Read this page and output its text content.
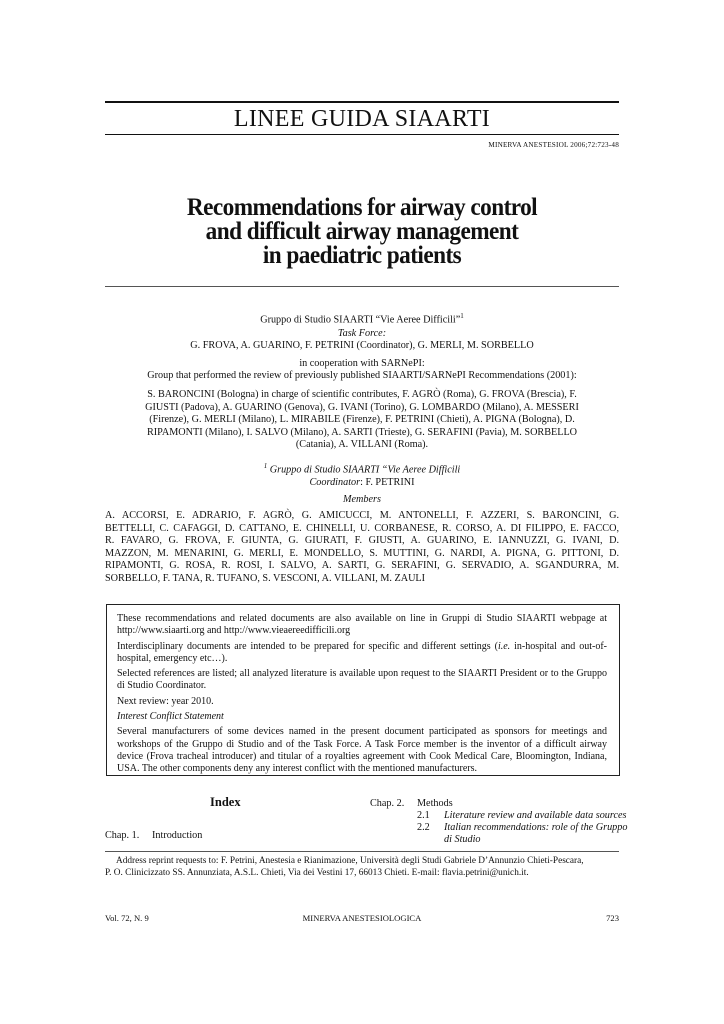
LINEE GUIDA SIAARTI
MINERVA ANESTESIOL 2006;72:723-48
Recommendations for airway control
and difficult airway management
in paediatric patients
Gruppo di Studio SIAARTI “Vie Aeree Difficili”$^1$
Task Force:
G. FROVA, A. GUARINO, F. PETRINI (Coordinator), G. MERLI, M. SORBELLO
in cooperation with SARNePI:
Group that performed the review of previously published SIAARTI/SARNePI Recommendations (2001):
S. BARONCINI (Bologna) in charge of scientific contributes, F. AGRÒ (Roma), G. FROVA (Brescia), F.
GIUSTI (Padova), A. GUARINO (Genova), G. IVANI (Torino), G. LOMBARDO (Milano), A. MESSERI
(Firenze), G. MERLI (Milano), L. MIRABILE (Firenze), F. PETRINI (Chieti), A. PIGNA (Bologna), D.
RIPAMONTI (Milano), I. SALVO (Milano), A. SARTI (Trieste), G. SERAFINI (Pavia), M. SORBELLO
(Catania), A. VILLANI (Roma).
$^1$ Gruppo di Studio SIAARTI “Vie Aeree Difficili
Coordinator: F. PETRINI
Members
A. ACCORSI, E. ADRARIO, F. AGRÒ, G. AMICUCCI, M. ANTONELLI, F. AZZERI, S. BARONCINI, G.
BETTELLI, C. CAFAGGI, D. CATTANO, E. CHINELLI, U. CORBANESE, R. CORSO, A. DI FILIPPO, E. FACCO,
R. FAVARO, G. FROVA, F. GIUNTA, G. GIURATI, F. GIUSTI, A. GUARINO, E. IANNUZZI, G. IVANI, D.
MAZZON, M. MENARINI, G. MERLI, E. MONDELLO, S. MUTTINI, G. NARDI, A. PIGNA, G. PITTONI, D.
RIPAMONTI, G. ROSA, R. ROSI, I. SALVO, A. SARTI, G. SERAFINI, G. SERVADIO, A. SGANDURRA, M.
SORBELLO, F. TANA, R. TUFANO, S. VESCONI, A. VILLANI, M. ZAULI

These recommendations and related documents are also available on line in Gruppi di Studio SIAARTI webpage at http://www.siaarti.org and http://www.vieaereedifficili.org

Interdisciplinary documents are intended to be prepared for specific and different settings (i.e. in-hospital and out-of-hospital, emergency etc…).

Selected references are listed; all analyzed literature is available upon request to the SIAARTI President or to the Gruppo di Studio Coordinator.

Next review: year 2010.

Interest Conflict Statement

Several manufacturers of some devices named in the present document participated as sponsors for meetings and workshops of the Gruppo di Studio and of the Task Force. A Task Force member is the inventor of a difficult airway device (Frova tracheal introducer) and titular of a royalties agreement with Cook Medical Care, Bloomington, Indiana, USA. The other components deny any interest conflict with the mentioned manufacturers.

Index
Chap. 1. Introduction
Chap. 2. Methods
2.1 Literature review and available data sources
2.2 Italian recommendations: role of the Gruppo
di Studio
Address reprint requests to: F. Petrini, Anestesia e Rianimazione, Università degli Studi Gabriele D’Annunzio Chieti-Pescara,
P. O. Clinicizzato SS. Annunziata, A.S.L. Chieti, Via dei Vestini 17, 66013 Chieti. E-mail: flavia.petrini@unich.it.
Vol. 72, N. 9	MINERVA ANESTESIOLOGICA	723
